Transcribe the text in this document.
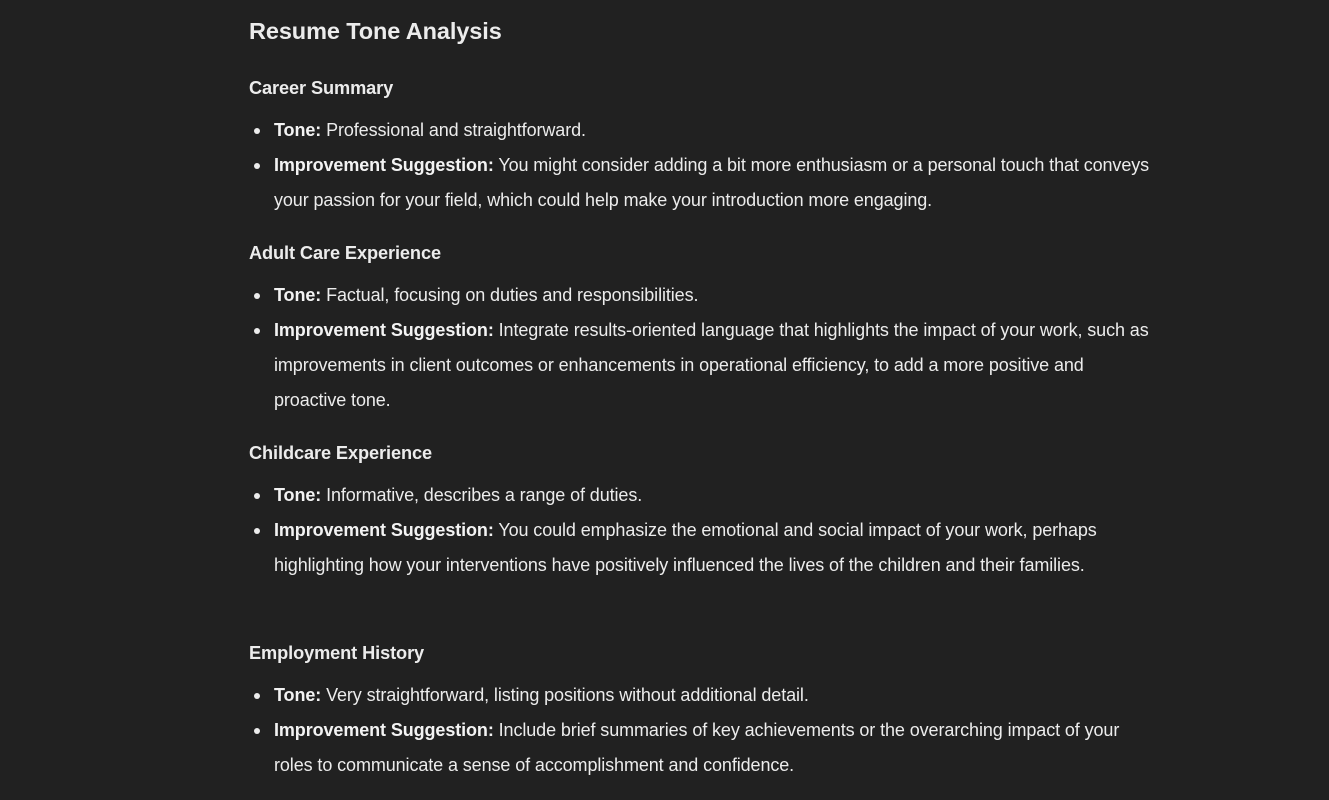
Resume Tone Analysis
Career Summary
Tone: Professional and straightforward.
Improvement Suggestion: You might consider adding a bit more enthusiasm or a personal touch that conveys your passion for your field, which could help make your introduction more engaging.
Adult Care Experience
Tone: Factual, focusing on duties and responsibilities.
Improvement Suggestion: Integrate results-oriented language that highlights the impact of your work, such as improvements in client outcomes or enhancements in operational efficiency, to add a more positive and proactive tone.
Childcare Experience
Tone: Informative, describes a range of duties.
Improvement Suggestion: You could emphasize the emotional and social impact of your work, perhaps highlighting how your interventions have positively influenced the lives of the children and their families.
Employment History
Tone: Very straightforward, listing positions without additional detail.
Improvement Suggestion: Include brief summaries of key achievements or the overarching impact of your roles to communicate a sense of accomplishment and confidence.
